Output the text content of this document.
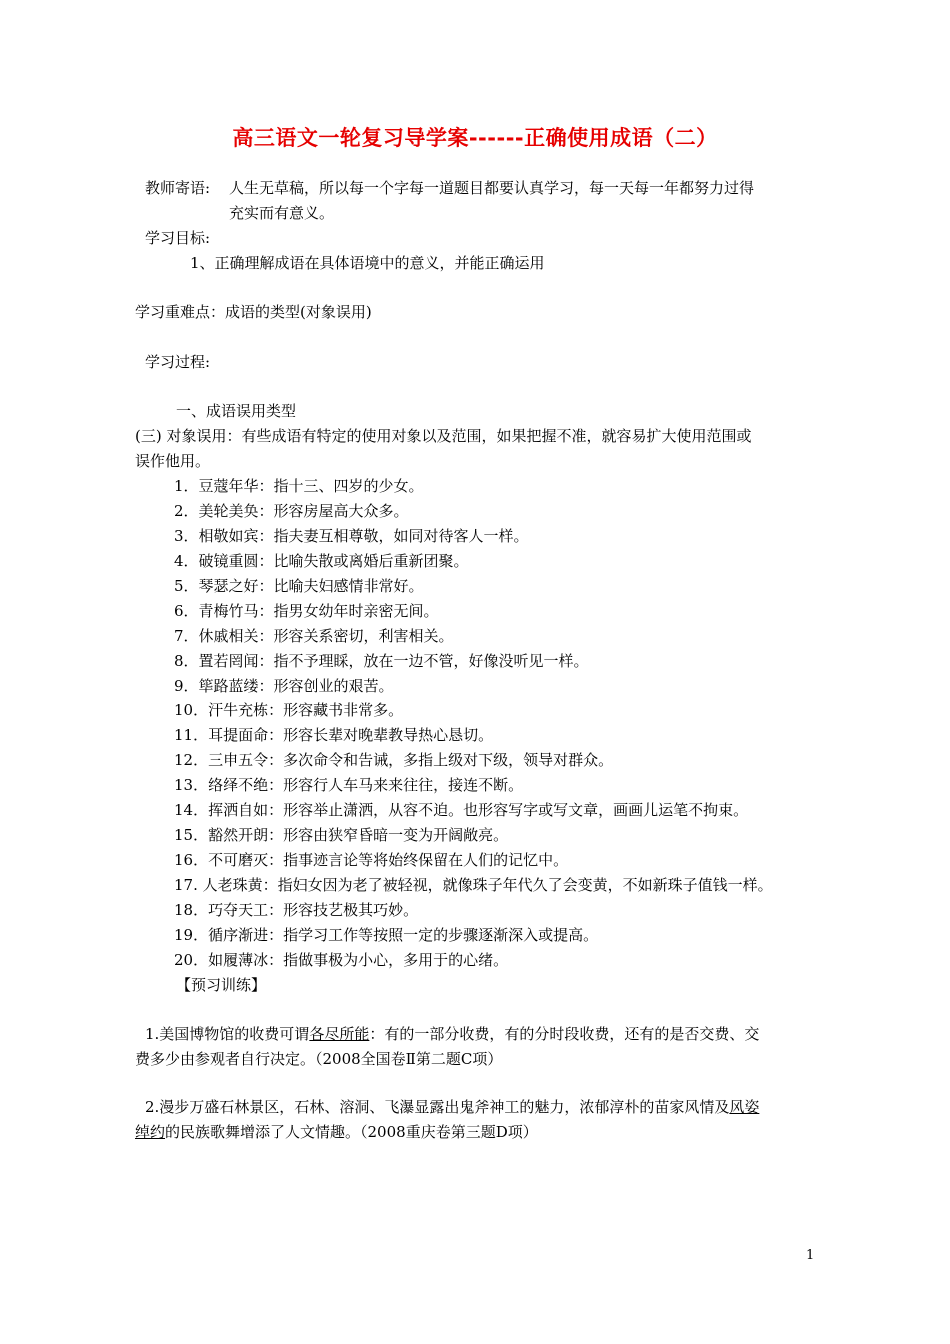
高三语文一轮复习导学案------正确使用成语（二）
教师寄语: 人生无草稿，所以每一个字每一道题目都要认真学习，每一天每一年都努力过得
充实而有意义。
学习目标:
1、正确理解成语在具体语境中的意义，并能正确运用
学习重难点：成语的类型(对象误用)
学习过程:
一、成语误用类型
(三) 对象误用：有些成语有特定的使用对象以及范围，如果把握不准，就容易扩大使用范围或
误作他用。
1．豆蔻年华：指十三、四岁的少女。
2．美轮美奂：形容房屋高大众多。
3．相敬如宾：指夫妻互相尊敬，如同对待客人一样。
4．破镜重圆：比喻失散或离婚后重新团聚。
5．琴瑟之好：比喻夫妇感情非常好。
6．青梅竹马：指男女幼年时亲密无间。
7．休戚相关：形容关系密切，利害相关。
8．置若罔闻：指不予理睬，放在一边不管，好像没听见一样。
9．筚路蓝缕：形容创业的艰苦。
10．汗牛充栋：形容藏书非常多。
11．耳提面命：形容长辈对晚辈教导热心恳切。
12．三申五令：多次命令和告诫，多指上级对下级，领导对群众。
13．络绎不绝：形容行人车马来来往往，接连不断。
14．挥洒自如：形容举止潇洒，从容不迫。也形容写字或写文章，画画儿运笔不拘束。
15．豁然开朗：形容由狭窄昏暗一变为开阔敞亮。
16．不可磨灭：指事迹言论等将始终保留在人们的记忆中。
17. 人老珠黄：指妇女因为老了被轻视，就像珠子年代久了会变黄，不如新珠子值钱一样。
18．巧夺天工：形容技艺极其巧妙。
19．循序渐进：指学习工作等按照一定的步骤逐渐深入或提高。
20．如履薄冰：指做事极为小心，多用于的心绪。
【预习训练】
1.美国博物馆的收费可谓各尽所能：有的一部分收费，有的分时段收费，还有的是否交费、交
费多少由参观者自行决定。（2008全国卷Ⅱ第二题C项）
2.漫步万盛石林景区，石林、溶洞、飞瀑显露出鬼斧神工的魅力，浓郁淳朴的苗家风情及风姿
绰约的民族歌舞增添了人文情趣。（2008重庆卷第三题D项）
1
